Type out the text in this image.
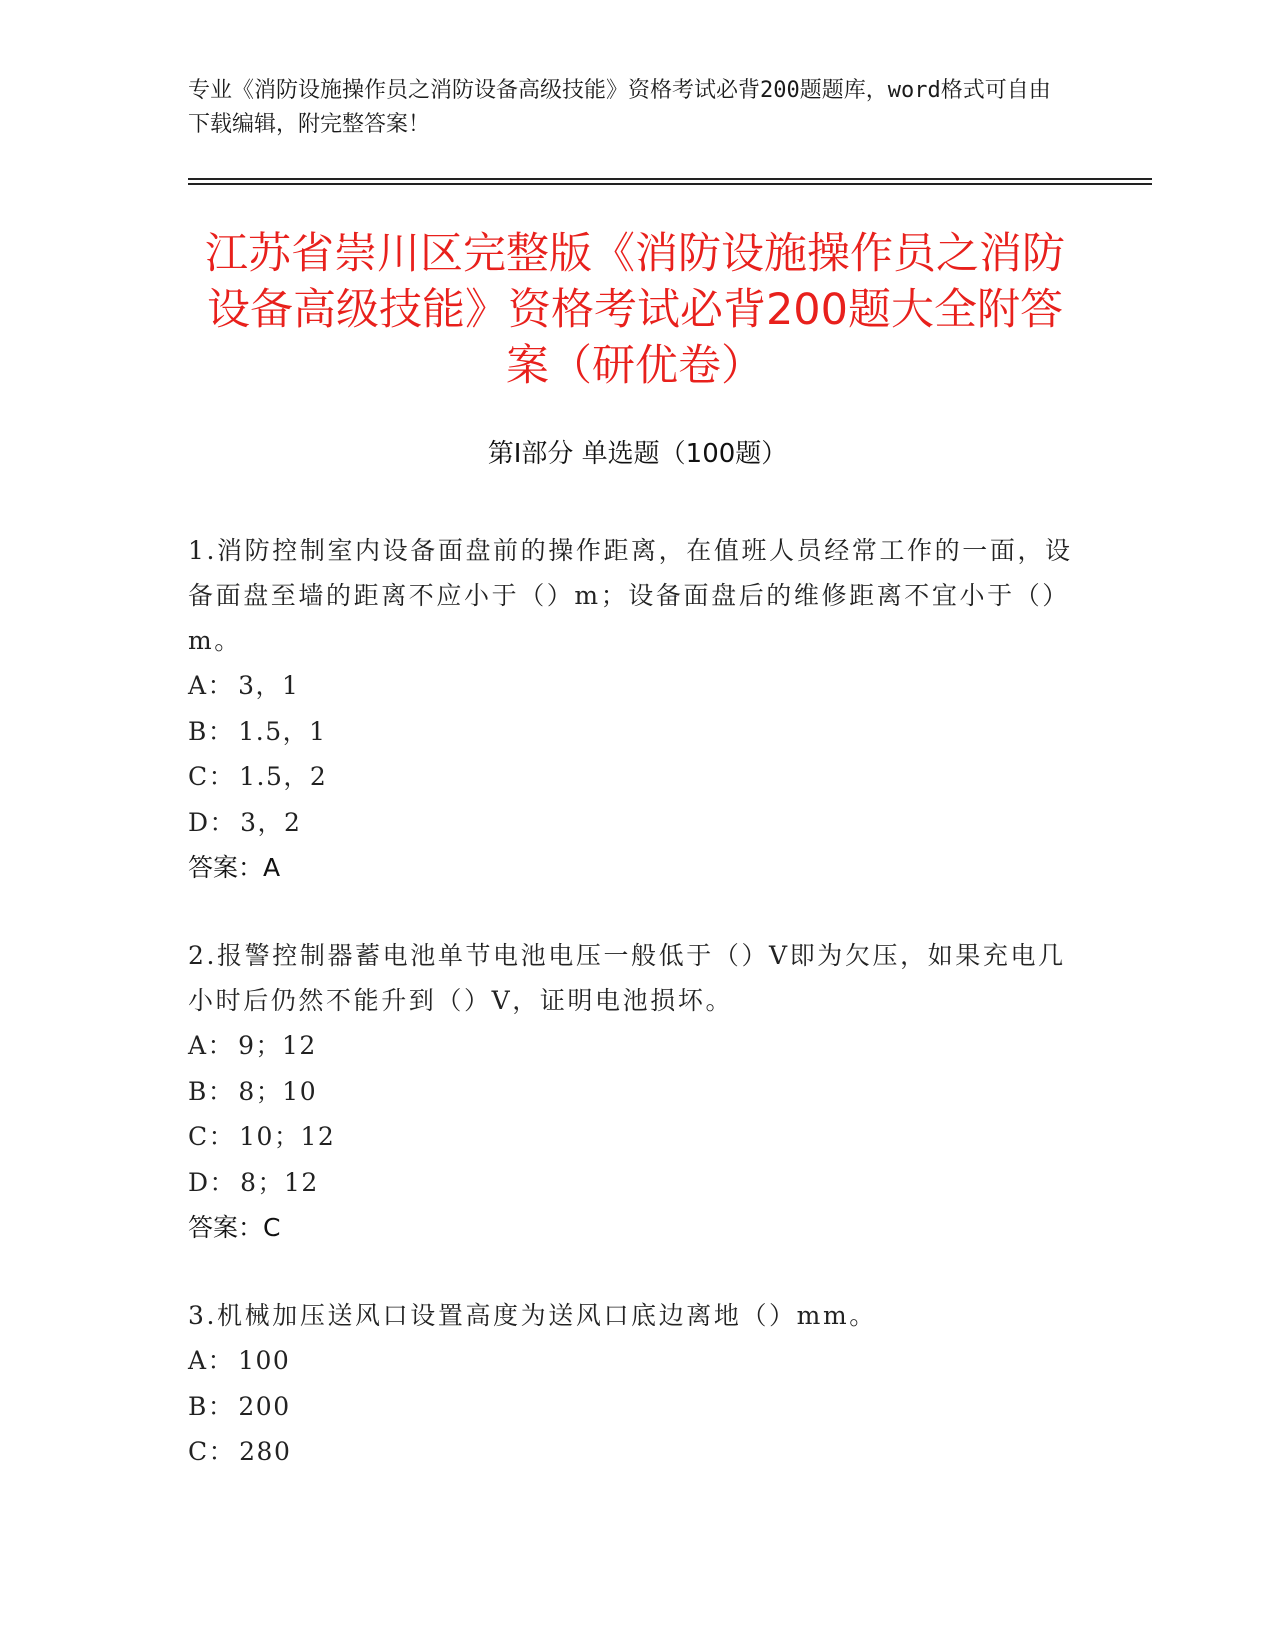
专业《消防设施操作员之消防设备高级技能》资格考试必背200题题库，word格式可自由下载编辑，附完整答案！
江苏省崇川区完整版《消防设施操作员之消防设备高级技能》资格考试必背200题大全附答案（研优卷）
第Ⅰ部分 单选题（100题）
1.消防控制室内设备面盘前的操作距离，在值班人员经常工作的一面，设备面盘至墙的距离不应小于（）m；设备面盘后的维修距离不宜小于（）m。
A： 3，1
B： 1.5，1
C： 1.5，2
D： 3，2
答案：A
2.报警控制器蓄电池单节电池电压一般低于（）V即为欠压，如果充电几小时后仍然不能升到（）V，证明电池损坏。
A： 9；12
B： 8；10
C： 10；12
D： 8；12
答案：C
3.机械加压送风口设置高度为送风口底边离地（）mm。
A： 100
B： 200
C： 280
